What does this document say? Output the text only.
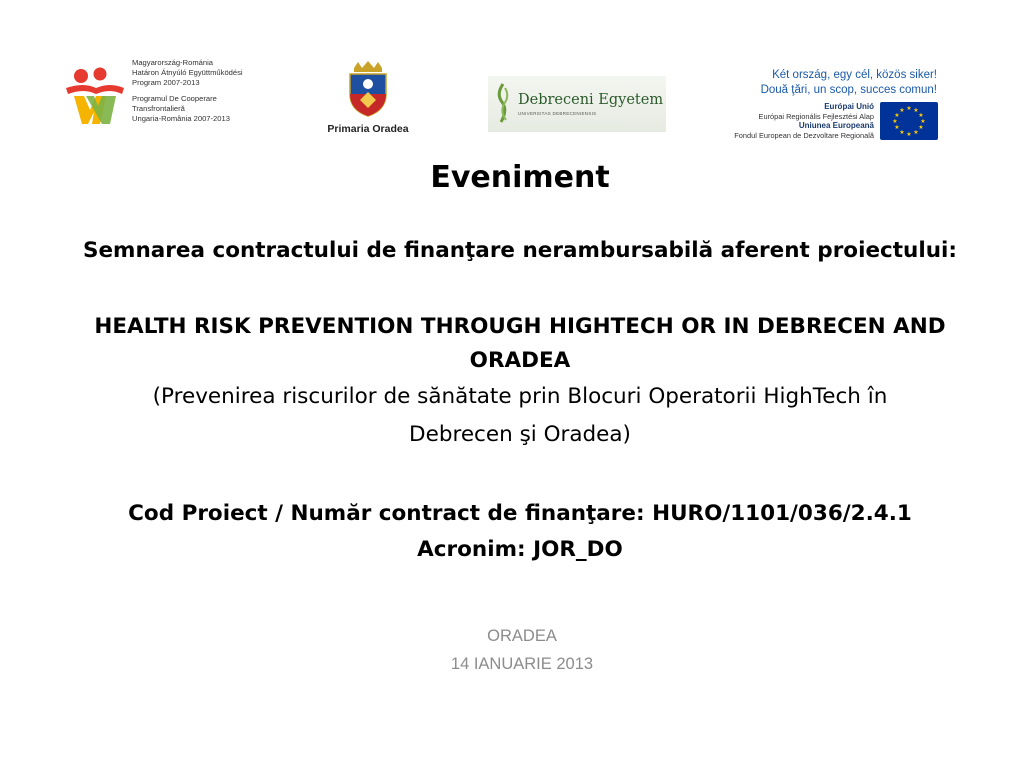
Magyarország-Románia
Határon Átnyúló Együttműködési
Program 2007-2013
Programul De Cooperare
Transfrontalieră
Ungaria-România 2007-2013
Primaria Oradea
Debreceni Egyetem
UNIVERSITAS DEBRECENIENSIS
Két ország, egy cél, közös siker!
Două ţări, un scop, succes comun!
Európai Unió
Európai Regionális Fejlesztési Alap
Uniunea Europeană
Fondul European de Dezvoltare Regională
★ ★
★
★
★
★
★
★
★
★
★
★
Eveniment
Semnarea contractului de finanţare nerambursabilă aferent proiectului:
HEALTH RISK PREVENTION THROUGH HIGHTECH OR IN DEBRECEN AND
ORADEA
(Prevenirea riscurilor de sănătate prin Blocuri Operatorii HighTech în
Debrecen şi Oradea)
Cod Proiect / Număr contract de finanţare: HURO/1101/036/2.4.1
Acronim: JOR_DO
ORADEA
14 IANUARIE 2013
